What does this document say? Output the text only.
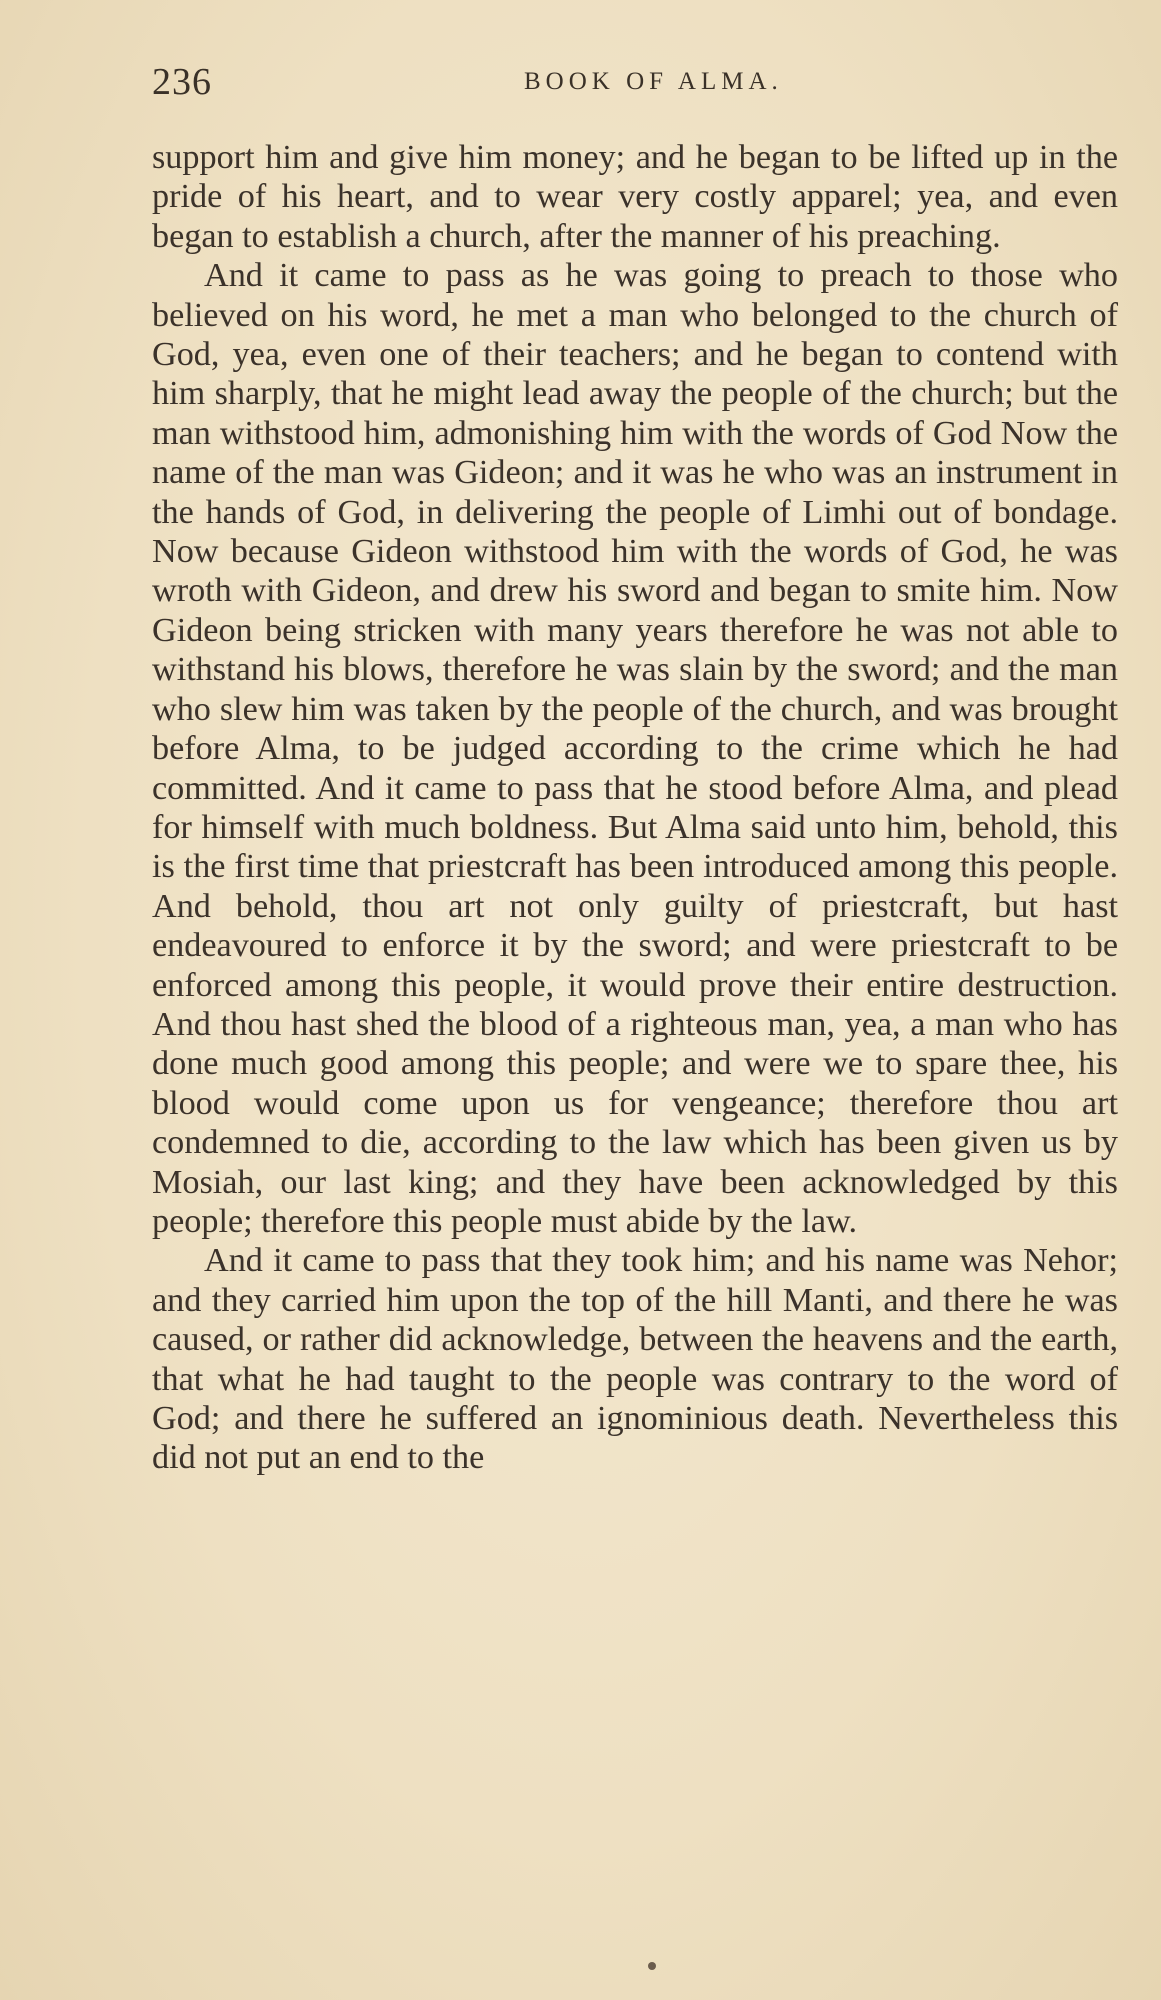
236	BOOK OF ALMA.

support him and give him money; and he began to be lifted up in the pride of his heart, and to wear very costly apparel; yea, and even began to establish a church, after the manner of his preaching.

And it came to pass as he was going to preach to those who believed on his word, he met a man who belonged to the church of God, yea, even one of their teachers; and he began to contend with him sharply, that he might lead away the people of the church; but the man withstood him, admonishing him with the words of God Now the name of the man was Gideon; and it was he who was an instrument in the hands of God, in delivering the people of Limhi out of bondage. Now because Gideon withstood him with the words of God, he was wroth with Gideon, and drew his sword and began to smite him. Now Gideon being stricken with many years therefore he was not able to withstand his blows, therefore he was slain by the sword; and the man who slew him was taken by the people of the church, and was brought before Alma, to be judged according to the crime which he had committed. And it came to pass that he stood before Alma, and plead for himself with much boldness. But Alma said unto him, behold, this is the first time that priestcraft has been introduced among this people. And behold, thou art not only guilty of priestcraft, but hast endeavoured to enforce it by the sword; and were priestcraft to be enforced among this people, it would prove their entire destruction. And thou hast shed the blood of a righteous man, yea, a man who has done much good among this people; and were we to spare thee, his blood would come upon us for vengeance; therefore thou art condemned to die, according to the law which has been given us by Mosiah, our last king; and they have been acknowledged by this people; therefore this people must abide by the law.

And it came to pass that they took him; and his name was Nehor; and they carried him upon the top of the hill Manti, and there he was caused, or rather did acknowledge, between the heavens and the earth, that what he had taught to the people was contrary to the word of God; and there he suffered an ignominious death. Nevertheless this did not put an end to the
